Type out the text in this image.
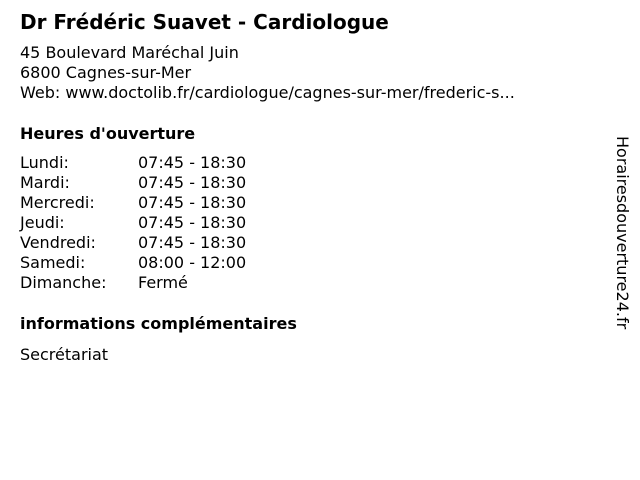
Dr Frédéric Suavet - Cardiologue
45 Boulevard Maréchal Juin
6800 Cagnes-sur-Mer
Web: www.doctolib.fr/cardiologue/cagnes-sur-mer/frederic-s...
Heures d'ouverture
Lundi:	07:45 - 18:30
Mardi:	07:45 - 18:30
Mercredi:	07:45 - 18:30
Jeudi:	07:45 - 18:30
Vendredi:	07:45 - 18:30
Samedi:	08:00 - 12:00
Dimanche: Fermé
informations complémentaires
Secrétariat
Horairesdouverture24.fr
